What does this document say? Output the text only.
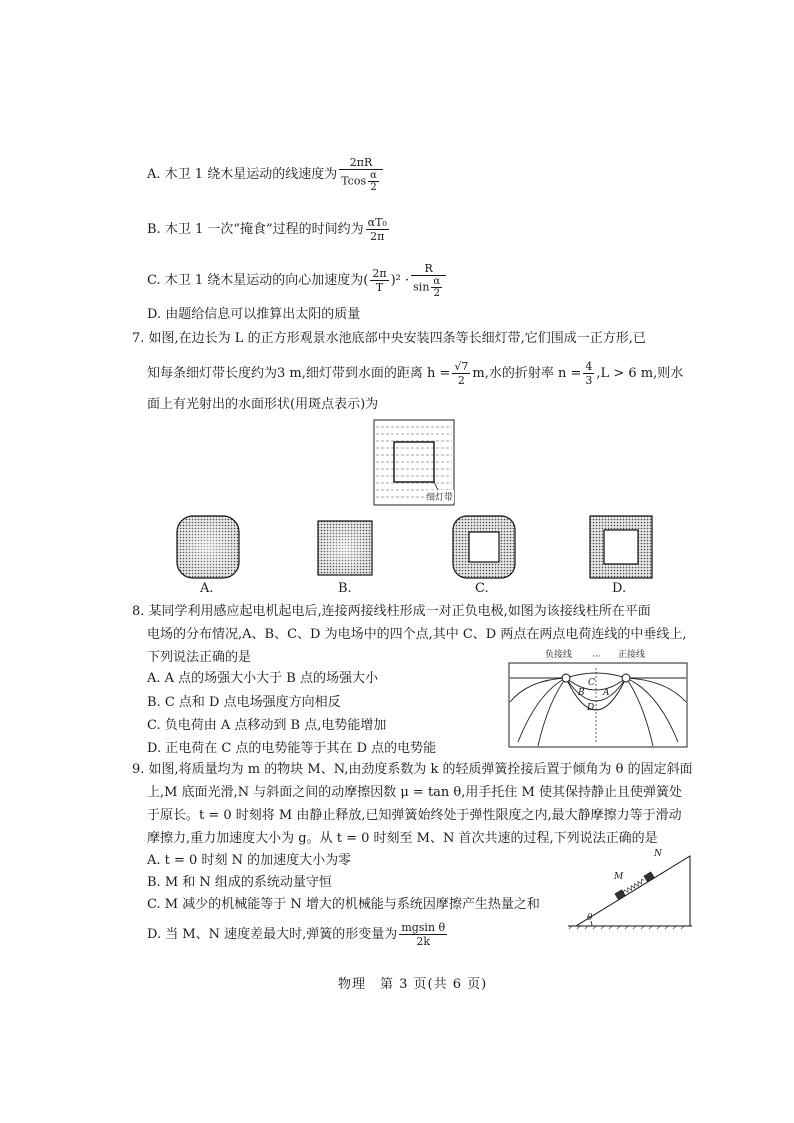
A. 木卫 1 绕木星运动的线速度为 $\frac{2\pi R}{Tcos \frac{\alpha}{2}}$
B. 木卫 1 一次“掩食”过程的时间约为 $\frac{\text{αT₀}}{2\pi}$
C. 木卫 1 绕木星运动的向心加速度为( $\frac{2\pi}{T} )^2 \cdot \frac{R}{\sin \frac{\alpha}{2}}$
D. 由题给信息可以推算出太阳的质量
7. 如图,在边长为 L 的正方形观景水池底部中央安装四条等长细灯带,它们围成一正方形,已
知每条细灯带长度约为3 m,细灯带到水面的距离 $h = \frac{√7}{2} m$,水的折射率 $n = \frac{4}{3} ,L > 6$ m,则水
面上有光射出的水面形状(用斑点表示)为
细灯带
A.	B.	C.	D.
8. 某同学利用感应起电机起电后,连接两接线柱形成一对正负电极,如图为该接线柱所在平面
电场的分布情况,A、B、C、D 为电场中的四个点,其中 C、D 两点在两点电荷连线的中垂线上,
下列说法正确的是
A. A 点的场强大小大于 B 点的场强大小
B. C 点和 D 点电场强度方向相反
C. 负电荷由 A 点移动到 B 点,电势能增加
D. 正电荷在 C 点的电势能等于其在 D 点的电势能
负接线 ··· 正接线
B
C
A
D
9. 如图,将质量均为 m 的物块 M、N,由劲度系数为 k 的轻质弹簧拴接后置于倾角为 θ 的固定斜面
上,M 底面光滑,N 与斜面之间的动摩擦因数 μ = tan θ,用手托住 M 使其保持静止且使弹簧处
于原长。t = 0 时刻将 M 由静止释放,已知弹簧始终处于弹性限度之内,最大静摩擦力等于滑动
摩擦力,重力加速度大小为 g。从 t = 0 时刻至 M、N 首次共速的过程,下列说法正确的是
A. t = 0 时刻 N 的加速度大小为零
B. M 和 N 组成的系统动量守恒
C. M 减少的机械能等于 N 增大的机械能与系统因摩擦产生热量之和
D. 当 M、N 速度差最大时,弹簧的形变量为 $\frac{\text{mgsin θ}}{2k}$
M
N
θ
物理　第 3 页(共 6 页)
